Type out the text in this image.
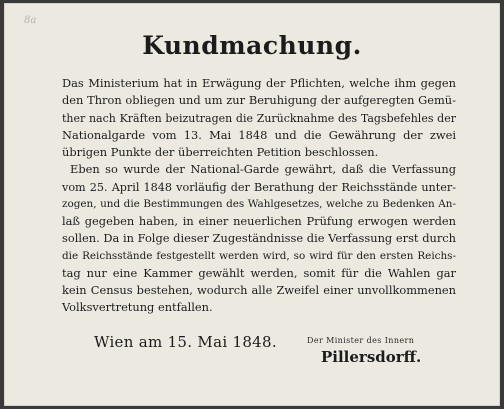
8a
Kundmachung.
Das Ministerium hat in Erwägung der Pflichten, welche ihm gegen
den Thron obliegen und um zur Beruhigung der aufgeregten Gemü-
ther nach Kräften beizutragen die Zurücknahme des Tagsbefehles der
Nationalgarde vom 13. Mai 1848 und die Gewährung der zwei
übrigen Punkte der überreichten Petition beschlossen.
Eben so wurde der National-Garde gewährt, daß die Verfassung
vom 25. April 1848 vorläufig der Berathung der Reichsstände unter-
zogen, und die Bestimmungen des Wahlgesetzes, welche zu Bedenken An-
laß gegeben haben, in einer neuerlichen Prüfung erwogen werden
sollen. Da in Folge dieser Zugeständnisse die Verfassung erst durch
die Reichsstände festgestellt werden wird, so wird für den ersten Reichs-
tag nur eine Kammer gewählt werden, somit für die Wahlen gar
kein Census bestehen, wodurch alle Zweifel einer unvollkommenen
Volksvertretung entfallen.
Wien am 15. Mai 1848.	Der Minister des Innern
Pillersdorff.
